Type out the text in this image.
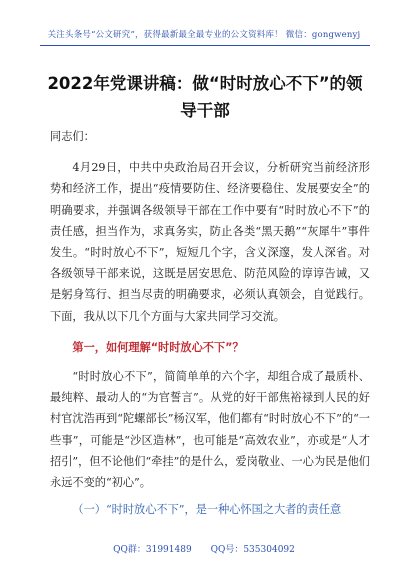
关注头条号“公文研究”，获得最新最全最专业的公文资料库！ 微信：gongwenyj
2022年党课讲稿：做“时时放心不下”的领导干部

同志们：

4月29日，中共中央政治局召开会议，分析研究当前经济形势和经济工作，提出“疫情要防住、经济要稳住、发展要安全”的明确要求，并强调各级领导干部在工作中要有“时时放心不下”的责任感，担当作为，求真务实，防止各类“黑天鹅”“灰犀牛”事件发生。“时时放心不下”，短短几个字，含义深邃，发人深省。对各级领导干部来说，这既是居安思危、防范风险的谆谆告诫，又是躬身笃行、担当尽责的明确要求，必须认真领会，自觉践行。下面，我从以下几个方面与大家共同学习交流。

第一，如何理解“时时放心不下”？

“时时放心不下”，简简单单的六个字，却组合成了最质朴、最纯粹、最动人的“为官誓言”。从党的好干部焦裕禄到人民的好村官沈浩再到“陀螺部长”杨汉军，他们都有“时时放心不下”的“一些事”，可能是“沙区造林”，也可能是“高效农业”，亦或是“人才招引”，但不论他们“牵挂”的是什么，爱岗敬业、一心为民是他们永远不变的“初心”。

（一）“时时放心不下”，是一种心怀国之大者的责任意

QQ群：31991489 QQ号：535304092
